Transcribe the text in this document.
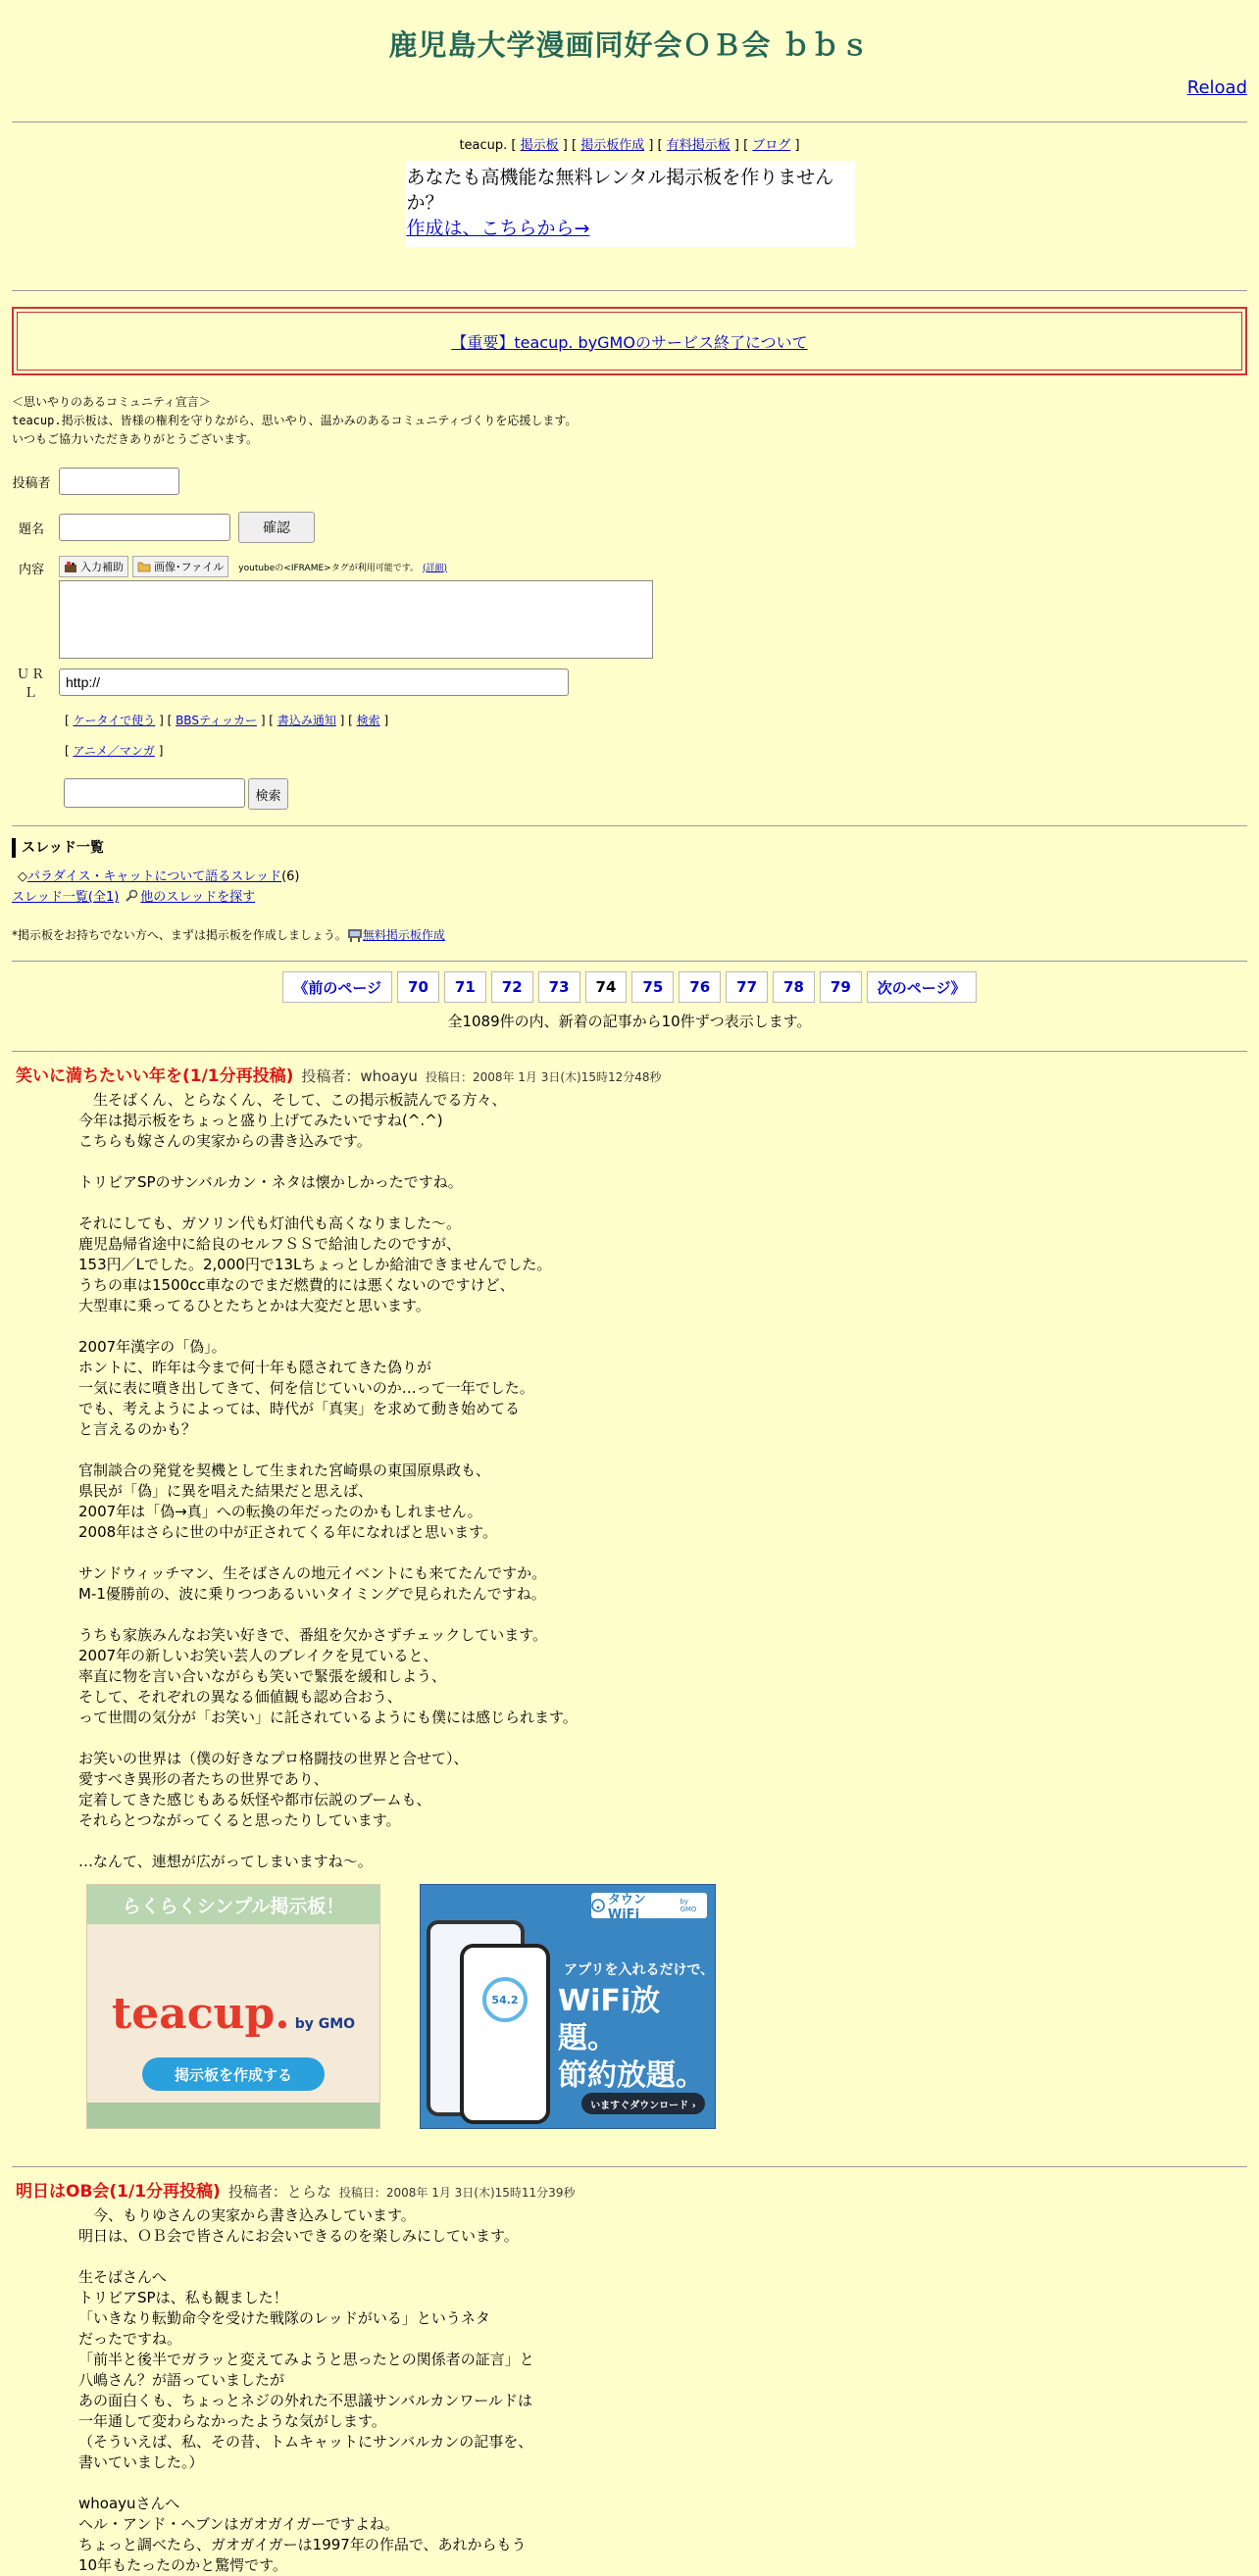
鹿児島大学漫画同好会ＯＢ会 ｂｂｓ
Reload
teacup. [ 掲示板 ] [ 掲示板作成 ] [ 有料掲示板 ] [ ブログ ]
あなたも高機能な無料レンタル掲示板を作りませんか？
作成は、こちらから→
【重要】teacup. byGMOのサービス終了について
＜思いやりのあるコミュニティ宣言＞
teacup.掲示板は、皆様の権利を守りながら、思いやり、温かみのあるコミュニティづくりを応援します。
いつもご協力いただきありがとうございます。
投稿者
題名	確認
内容	入力補助	画像･ファイル youtubeの<IFRAME>タグが利用可能です。 (詳細)
ＵＲＬ
http://
[ ケータイで使う ] [ BBSティッカー ] [ 書込み通知 ] [ 検索 ]
[ アニメ／マンガ ]
検索
スレッド一覧
◇パラダイス・キャットについて語るスレッド(6)
スレッド一覧(全1) 他のスレッドを探す
*掲示板をお持ちでない方へ、まずは掲示板を作成しましょう。 無料掲示板作成
《前のページ	70	71	72	73	74	75	76	77	78	79	次のページ》
全1089件の内、新着の記事から10件ずつ表示します。
笑いに満ちたいい年を(1/1分再投稿) 投稿者：whoayu 投稿日：2008年 1月 3日(木)15時12分48秒
　生そばくん、とらなくん、そして、この掲示板読んでる方々、
今年は掲示板をちょっと盛り上げてみたいですね(^.^)
こちらも嫁さんの実家からの書き込みです。

トリビアSPのサンバルカン・ネタは懐かしかったですね。

それにしても、ガソリン代も灯油代も高くなりました～。
鹿児島帰省途中に給良のセルフＳＳで給油したのですが、
153円／Lでした。2,000円で13Lちょっとしか給油できませんでした。
うちの車は1500cc車なのでまだ燃費的には悪くないのですけど、
大型車に乗ってるひとたちとかは大変だと思います。

2007年漢字の「偽」。
ホントに、昨年は今まで何十年も隠されてきた偽りが
一気に表に噴き出してきて、何を信じていいのか…って一年でした。
でも、考えようによっては、時代が「真実」を求めて動き始めてる
と言えるのかも？

官制談合の発覚を契機として生まれた宮崎県の東国原県政も、
県民が「偽」に異を唱えた結果だと思えば、
2007年は「偽→真」への転換の年だったのかもしれません。
2008年はさらに世の中が正されてくる年になればと思います。

サンドウィッチマン、生そばさんの地元イベントにも来てたんですか。
M-1優勝前の、波に乗りつつあるいいタイミングで見られたんですね。

うちも家族みんなお笑い好きで、番組を欠かさずチェックしています。
2007年の新しいお笑い芸人のブレイクを見ていると、
率直に物を言い合いながらも笑いで緊張を緩和しよう、
そして、それぞれの異なる価値観も認め合おう、
って世間の気分が「お笑い」に託されているようにも僕には感じられます。

お笑いの世界は（僕の好きなプロ格闘技の世界と合せて）、
愛すべき異形の者たちの世界であり、
定着してきた感じもある妖怪や都市伝説のブームも、
それらとつながってくると思ったりしています。

…なんて、連想が広がってしまいますね～。
らくらくシンプル掲示板！
teacup. by GMO
掲示板を作成する
タウンWiFi
by GMO
54.2
アプリを入れるだけで、
WiFi放題。
節約放題。
いますぐダウンロード ›
明日はOB会(1/1分再投稿) 投稿者：とらな 投稿日：2008年 1月 3日(木)15時11分39秒
　今、もりゆさんの実家から書き込みしています。
明日は、ＯＢ会で皆さんにお会いできるのを楽しみにしています。

生そばさんへ
トリビアSPは、私も観ました！
「いきなり転勤命令を受けた戦隊のレッドがいる」というネタ
だったですね。
「前半と後半でガラッと変えてみようと思ったとの関係者の証言」と
八嶋さん？が語っていましたが
あの面白くも、ちょっとネジの外れた不思議サンバルカンワールドは
一年通して変わらなかったような気がします。
（そういえば、私、その昔、トムキャットにサンバルカンの記事を、
書いていました。）

whoayuさんへ
ヘル・アンド・ヘブンはガオガイガーですよね。
ちょっと調べたら、ガオガイガーは1997年の作品で、あれからもう
10年もたったのかと驚愕です。
